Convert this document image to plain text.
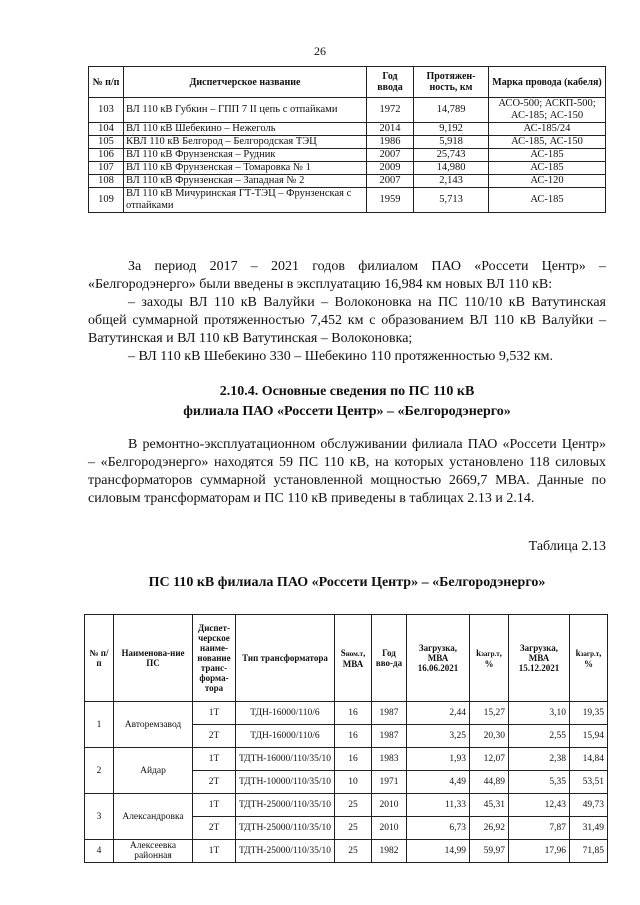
26
№ п/п	Диспетчерское название	Год ввода	Протяжен-ность, км	Марка провода (кабеля)
103	ВЛ 110 кВ Губкин – ГПП 7 II цепь с отпайками	1972	14,789	АСО-500; АСКП-500; АС-185; АС-150
104	ВЛ 110 кВ Шебекино – Нежеголь	2014	9,192	АС-185/24
105	КВЛ 110 кВ Белгород – Белгородская ТЭЦ	1986	5,918	АС-185, АС-150
106	ВЛ 110 кВ Фрунзенская – Рудник	2007	25,743	АС-185
107	ВЛ 110 кВ Фрунзенская – Томаровка № 1	2009	14,980	АС-185
108	ВЛ 110 кВ Фрунзенская – Западная № 2	2007	2,143	АС-120
109	ВЛ 110 кВ Мичуринская ГТ-ТЭЦ – Фрунзенская с отпайками	1959	5,713	АС-185

За период 2017 – 2021 годов филиалом ПАО «Россети Центр» – «Белгородэнерго» были введены в эксплуатацию 16,984 км новых ВЛ 110 кВ:

– заходы ВЛ 110 кВ Валуйки – Волоконовка на ПС 110/10 кВ Ватутинская общей суммарной протяженностью 7,452 км с образованием ВЛ 110 кВ Валуйки – Ватутинская и ВЛ 110 кВ Ватутинская – Волоконовка;

– ВЛ 110 кВ Шебекино 330 – Шебекино 110 протяженностью 9,532 км.

2.10.4. Основные сведения по ПС 110 кВ

филиала ПАО «Россети Центр» – «Белгородэнерго»

В ремонтно-эксплуатационном обслуживании филиала ПАО «Россети Центр» – «Белгородэнерго» находятся 59 ПС 110 кВ, на которых установлено 118 силовых трансформаторов суммарной установленной мощностью 2669,7 МВА. Данные по силовым трансформаторам и ПС 110 кВ приведены в таблицах 2.13 и 2.14.

Таблица 2.13

ПС 110 кВ филиала ПАО «Россети Центр» – «Белгородэнерго»

№ п/п	Наименова-ние ПС	Диспет-черское наиме-нование транс-форма-тора	Тип трансформатора	Sном.т, МВА	Год вво-да	Загрузка, МВА 16.06.2021	kзагр.т, %	Загрузка, МВА 15.12.2021	kзагр.т, %
1	Авторемзавод	1Т	ТДН-16000/110/6	16	1987	2,44	15,27	3,10	19,35
		2Т	ТДН-16000/110/6	16	1987	3,25	20,30	2,55	15,94
2	Айдар	1Т	ТДТН-16000/110/35/10	16	1983	1,93	12,07	2,38	14,84
		2Т	ТДТН-10000/110/35/10	10	1971	4,49	44,89	5,35	53,51
3	Александровка	1Т	ТДТН-25000/110/35/10	25	2010	11,33	45,31	12,43	49,73
		2Т	ТДТН-25000/110/35/10	25	2010	6,73	26,92	7,87	31,49
4	Алексеевка районная	1Т	ТДТН-25000/110/35/10	25	1982	14,99	59,97	17,96	71,85
